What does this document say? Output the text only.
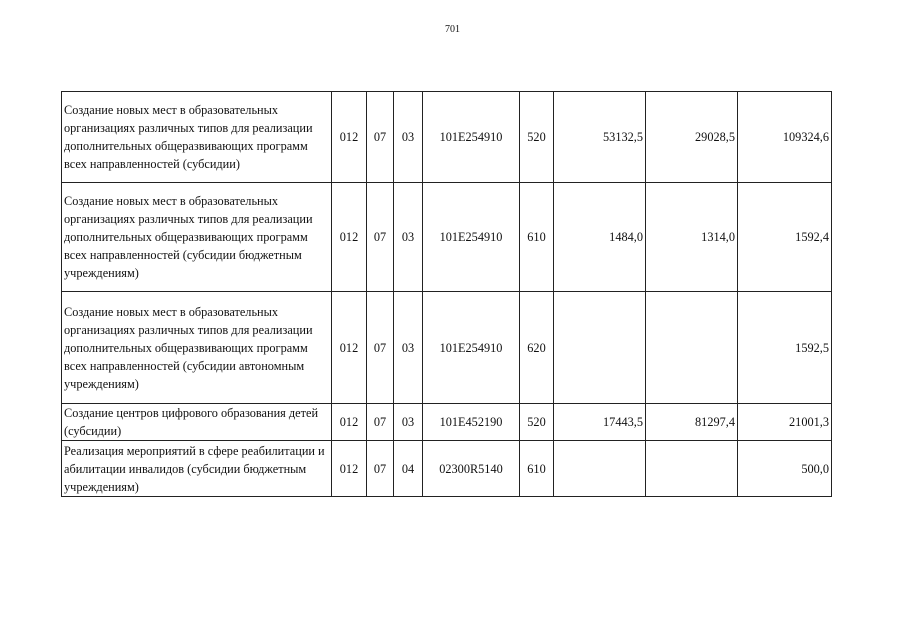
701
Создание новых мест в образовательных организациях различных типов для реализации дополнительных общеразвивающих программ всех направленностей (субсидии)	012	07	03	101E254910	520	53132,5	29028,5	109324,6
Создание новых мест в образовательных организациях различных типов для реализации дополнительных общеразвивающих программ всех направленностей (субсидии бюджетным учреждениям)	012	07	03	101E254910	610	1484,0	1314,0	1592,4
Создание новых мест в образовательных организациях различных типов для реализации дополнительных общеразвивающих программ всех направленностей (субсидии автономным учреждениям)	012	07	03	101E254910	620			1592,5
Создание центров цифрового образования детей (субсидии)	012	07	03	101E452190	520	17443,5	81297,4	21001,3
Реализация мероприятий в сфере реабилитации и абилитации инвалидов (субсидии бюджетным учреждениям)	012	07	04	02300R5140	610			500,0
